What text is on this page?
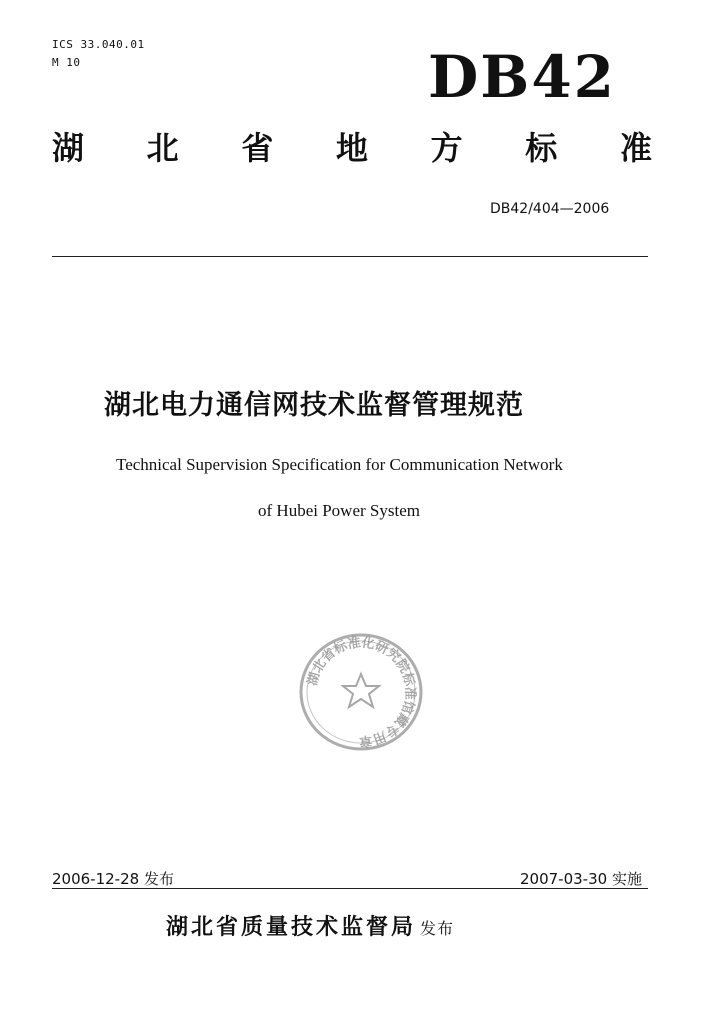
ICS 33.040.01
M 10	DB42
湖 北 省 地 方 标 准
DB42/404—2006
湖北电力通信网技术监督管理规范
Technical Supervision Specification for Communication Network
of Hubei Power System
湖北省标准化研究院标准馆藏专用章
2006-12-28 发布	2007-03-30 实施
湖北省质量技术监督局 发布
